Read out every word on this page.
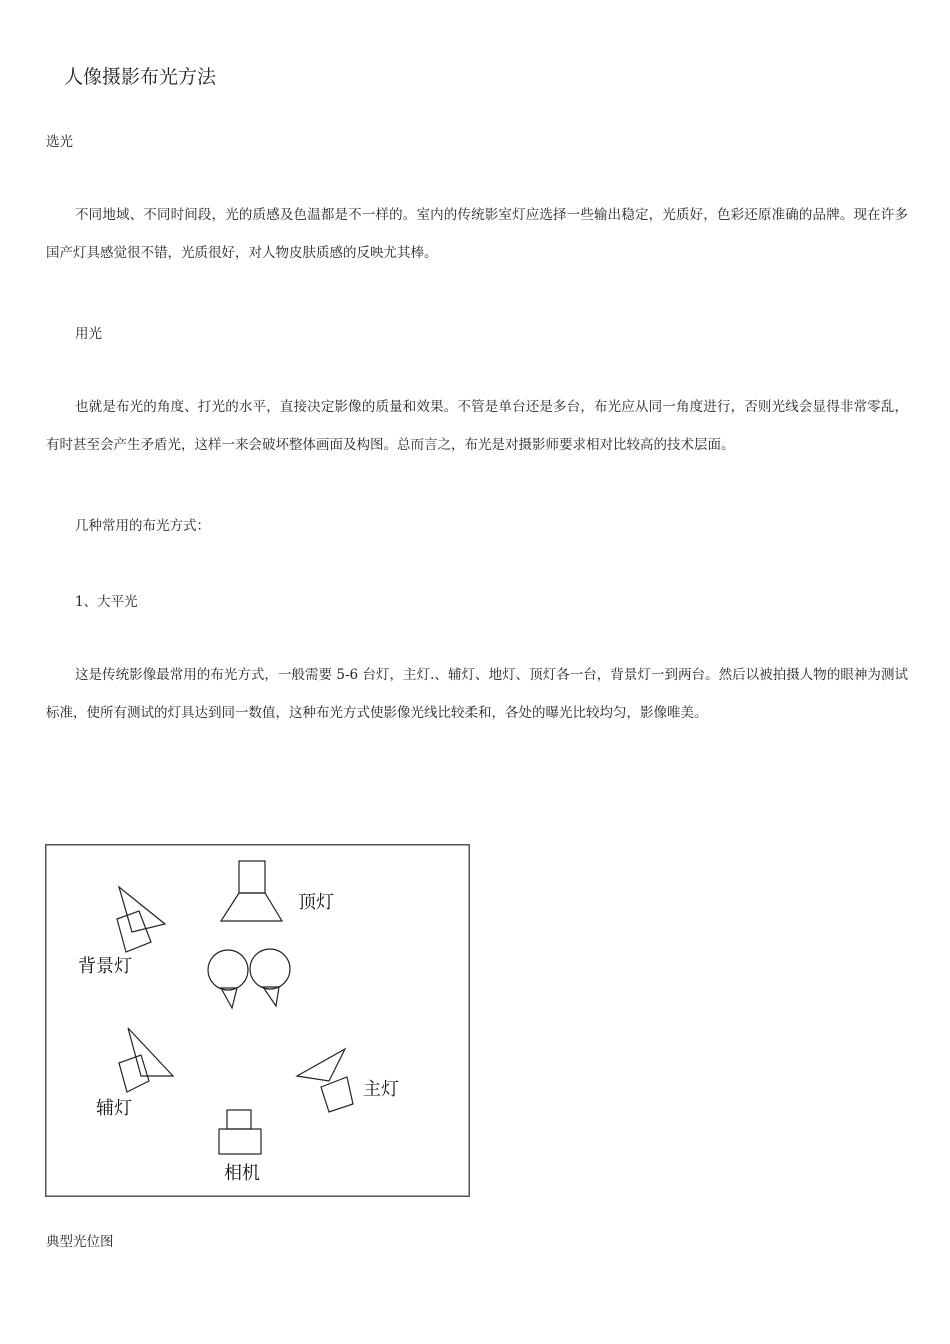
人像摄影布光方法
选光
不同地域、不同时间段，光的质感及色温都是不一样的。室内的传统影室灯应选择一些输出稳定，光质好，色彩还原准确的品牌。现在许多国产灯具感觉很不错，光质很好，对人物皮肤质感的反映尤其棒。
用光
也就是布光的角度、打光的水平，直接决定影像的质量和效果。不管是单台还是多台，布光应从同一角度进行，否则光线会显得非常零乱，有时甚至会产生矛盾光，这样一来会破坏整体画面及构图。总而言之，布光是对摄影师要求相对比较高的技术层面。
几种常用的布光方式：
1、大平光
这是传统影像最常用的布光方式，一般需要 5-6 台灯，主灯.、辅灯、地灯、顶灯各一台，背景灯一到两台。然后以被拍摄人物的眼神为测试标准，使所有测试的灯具达到同一数值，这种布光方式使影像光线比较柔和，各处的曝光比较均匀，影像唯美。
顶灯
背景灯
辅灯
主灯
相机
典型光位图
